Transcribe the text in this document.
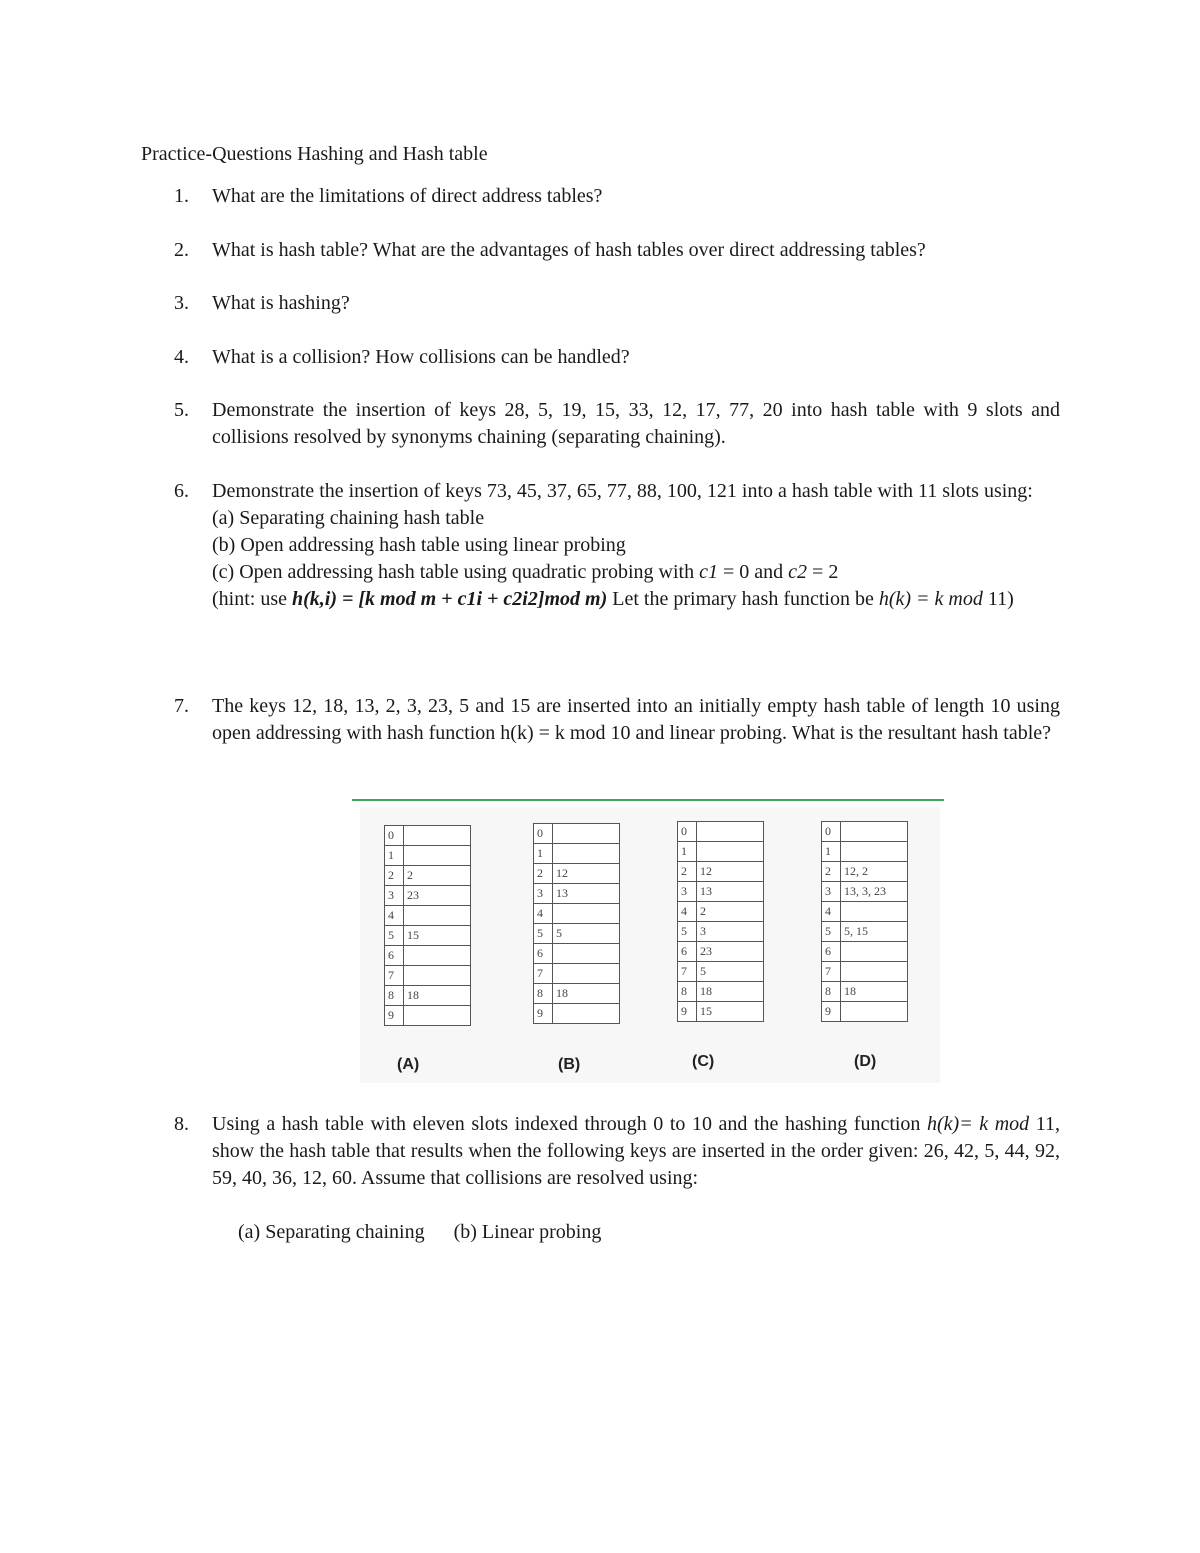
Practice-Questions Hashing and Hash table
1.	What are the limitations of direct address tables?
2.	What is hash table? What are the advantages of hash tables over direct addressing tables?
3.	What is hashing?
4.	What is a collision? How collisions can be handled?
5.	Demonstrate the insertion of keys 28, 5, 19, 15, 33, 12, 17, 77, 20 into hash table with 9 slots and collisions resolved by synonyms chaining (separating chaining).
6.	Demonstrate the insertion of keys 73, 45, 37, 65, 77, 88, 100, 121 into a hash table with 11 slots using:
(a) Separating chaining hash table
(b) Open addressing hash table using linear probing
(c) Open addressing hash table using quadratic probing with c1 = 0 and c2 = 2
(hint: use h(k,i) = [k mod m + c1i + c2i2]mod m) Let the primary hash function be h(k) = k mod 11)
7.	The keys 12, 18, 13, 2, 3, 23, 5 and 15 are inserted into an initially empty hash table of length 10 using open addressing with hash function h(k) = k mod 10 and linear probing. What is the resultant hash table?
0	
1	
2	2
3	23
4	
5	15
6	
7	
8	18
9	
(A)
0	
1	
2	12
3	13
4	
5	5
6	
7	
8	18
9	
(B)
0	
1	
2	12
3	13
4	2
5	3
6	23
7	5
8	18
9	15
(C)
0	
1	
2	12, 2
3	13, 3, 23
4	
5	5, 15
6	
7	
8	18
9	
(D)
8.	Using a hash table with eleven slots indexed through 0 to 10 and the hashing function h(k)= k mod 11, show the hash table that results when the following keys are inserted in the order given: 26, 42, 5, 44, 92, 59, 40, 36, 12, 60. Assume that collisions are resolved using:
(a) Separating chaining (b) Linear probing
